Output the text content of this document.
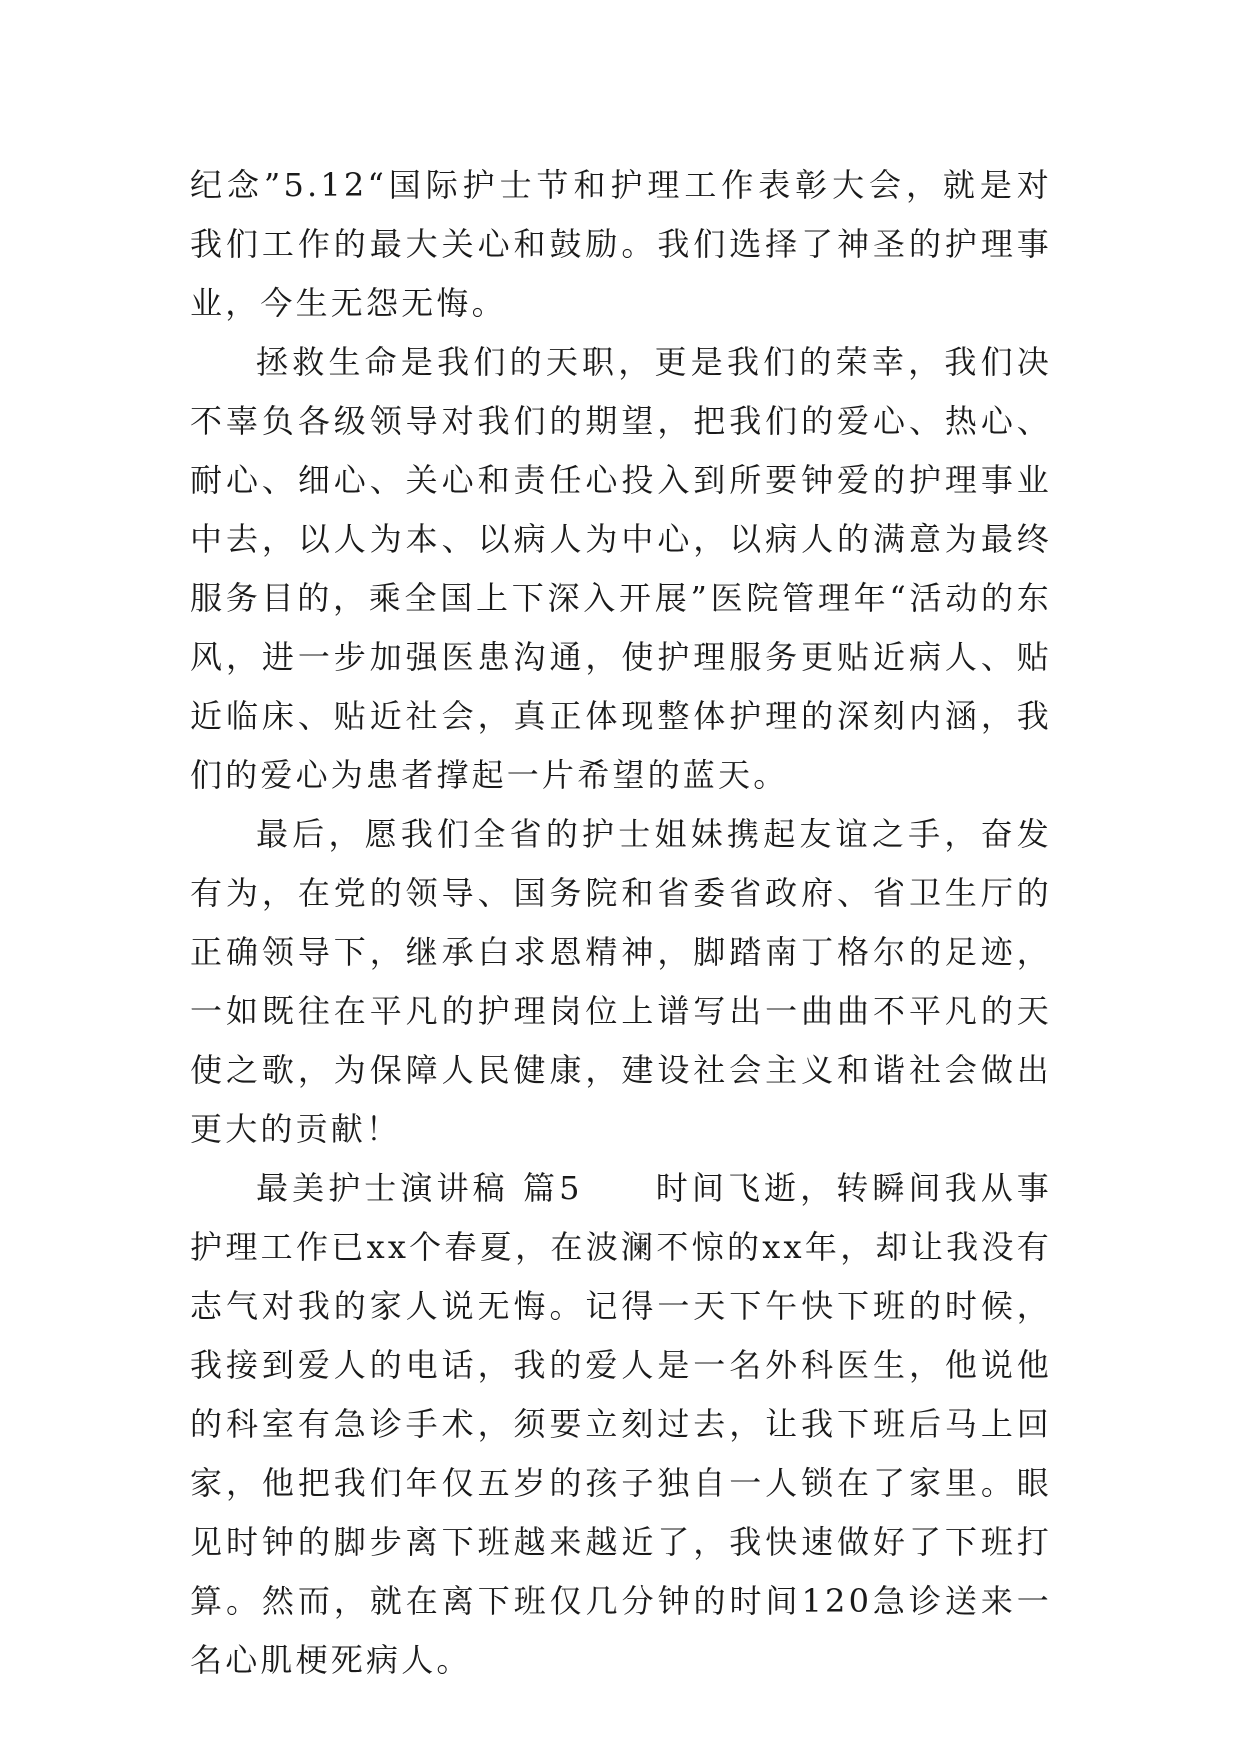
纪念”5.12“国际护士节和护理工作表彰大会，就是对我们工作的最大关心和鼓励。我们选择了神圣的护理事业，今生无怨无悔。

拯救生命是我们的天职，更是我们的荣幸，我们决不辜负各级领导对我们的期望，把我们的爱心、热心、耐心、细心、关心和责任心投入到所要钟爱的护理事业中去，以人为本、以病人为中心，以病人的满意为最终服务目的，乘全国上下深入开展”医院管理年“活动的东风，进一步加强医患沟通，使护理服务更贴近病人、贴近临床、贴近社会，真正体现整体护理的深刻内涵，我们的爱心为患者撑起一片希望的蓝天。

最后，愿我们全省的护士姐妹携起友谊之手，奋发有为，在党的领导、国务院和省委省政府、省卫生厅的正确领导下，继承白求恩精神，脚踏南丁格尔的足迹，一如既往在平凡的护理岗位上谱写出一曲曲不平凡的天使之歌，为保障人民健康，建设社会主义和谐社会做出更大的贡献！

最美护士演讲稿 篇5　　时间飞逝，转瞬间我从事护理工作已xx个春夏，在波澜不惊的xx年，却让我没有志气对我的家人说无悔。记得一天下午快下班的时候，我接到爱人的电话，我的爱人是一名外科医生，他说他的科室有急诊手术，须要立刻过去，让我下班后马上回家，他把我们年仅五岁的孩子独自一人锁在了家里。眼见时钟的脚步离下班越来越近了，我快速做好了下班打算。然而，就在离下班仅几分钟的时间120急诊送来一名心肌梗死病人。
